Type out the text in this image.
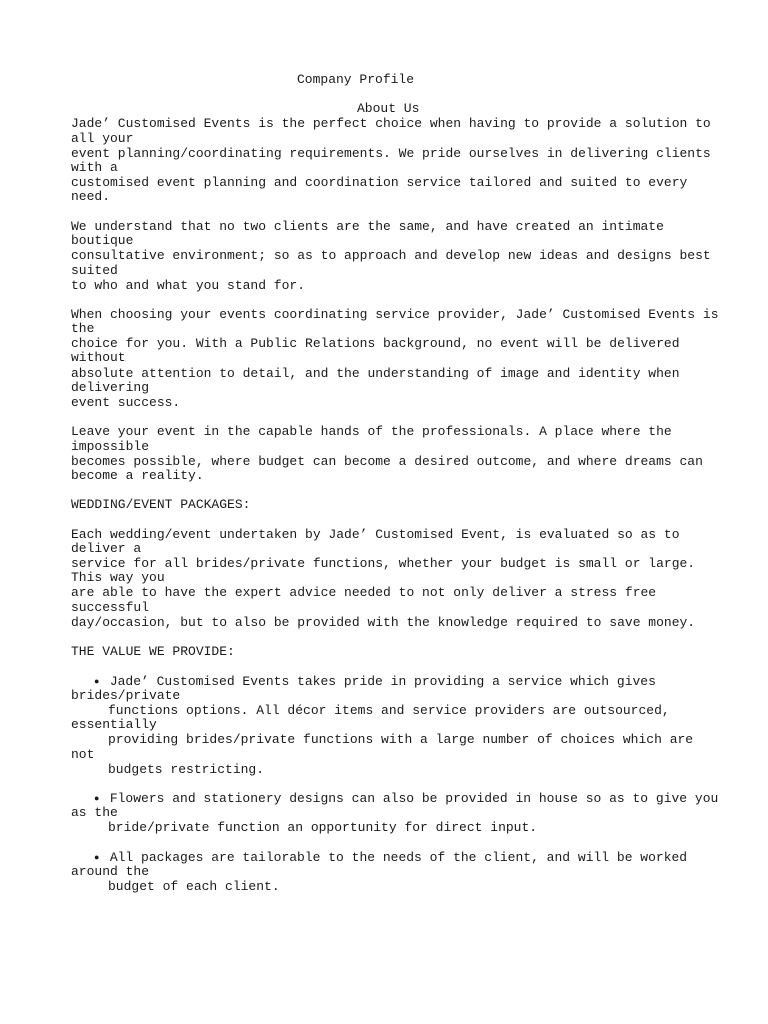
Company Profile
About Us
Jade’ Customised Events is the perfect choice when having to provide a solution to
all your
event planning/coordinating requirements. We pride ourselves in delivering clients
with a
customised event planning and coordination service tailored and suited to every
need.
We understand that no two clients are the same, and have created an intimate
boutique
consultative environment; so as to approach and develop new ideas and designs best
suited
to who and what you stand for.
When choosing your events coordinating service provider, Jade’ Customised Events is
the
choice for you. With a Public Relations background, no event will be delivered
without
absolute attention to detail, and the understanding of image and identity when
delivering
event success.
Leave your event in the capable hands of the professionals. A place where the
impossible
becomes possible, where budget can become a desired outcome, and where dreams can
become a reality.
WEDDING/EVENT PACKAGES:
Each wedding/event undertaken by Jade’ Customised Event, is evaluated so as to
deliver a
service for all brides/private functions, whether your budget is small or large.
This way you
are able to have the expert advice needed to not only deliver a stress free
successful
day/occasion, but to also be provided with the knowledge required to save money.
THE VALUE WE PROVIDE:
● Jade’ Customised Events takes pride in providing a service which gives
brides/private
functions options. All décor items and service providers are outsourced,
essentially
providing brides/private functions with a large number of choices which are
not
budgets restricting.
● Flowers and stationery designs can also be provided in house so as to give you
as the
bride/private function an opportunity for direct input.
● All packages are tailorable to the needs of the client, and will be worked
around the
budget of each client.
